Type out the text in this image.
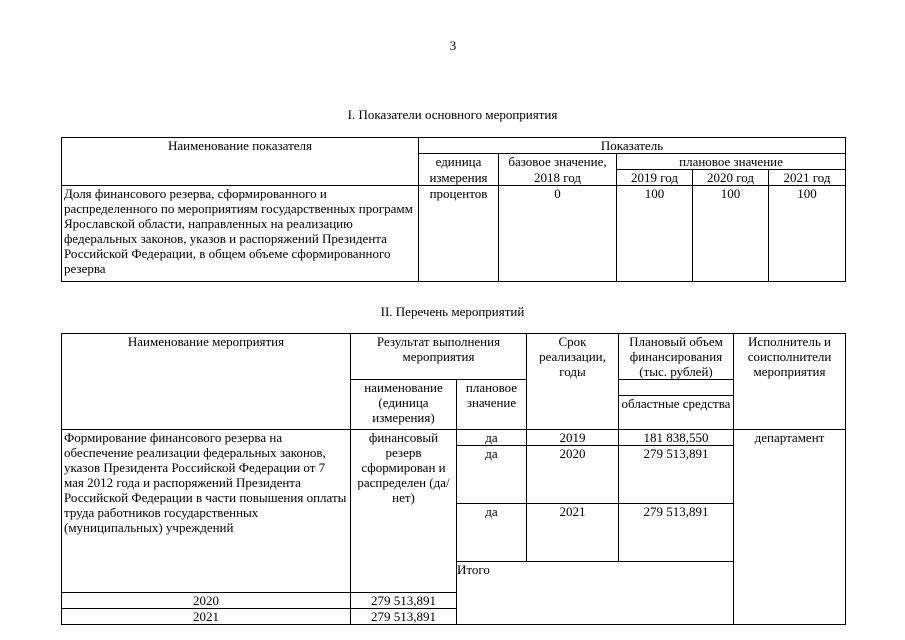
3
I. Показатели основного мероприятия
Наименование показателя	Показатель				
	единица	базовое значение,	плановое значение		
	измерения	2018 год	2019 год	2020 год	2021 год
Доля финансового резерва, сформированного и распределенного по мероприятиям государственных программ Ярославской области, направленных на реализацию федеральных законов, указов и распоряжений Президента Российской Федерации, в общем объеме сформированного резерва	процентов	0	100	100	100
II. Перечень мероприятий
Наименование мероприятия	Результат выполнения мероприятия		Срок реализации, годы	Плановый объем финансирования (тыс. рублей)	Исполнитель и соисполнители мероприятия	
	наименование (единица измерения)	плановое значение				
				областные средства		
Формирование финансового резерва на обеспечение реализации федеральных законов, указов Президента Российской Федерации от 7 мая 2012 года и распоряжений Президента Российской Федерации в части повышения оплаты труда работников государственных (муниципальных) учреждений	финансовый резерв сформирован и распределен (да/нет)	да	2019	181 838,550	департамент	
		да	2020	279 513,891		
		да	2021	279 513,891		
		Итого		
2020	279 513,891					
2021	279 513,891					
